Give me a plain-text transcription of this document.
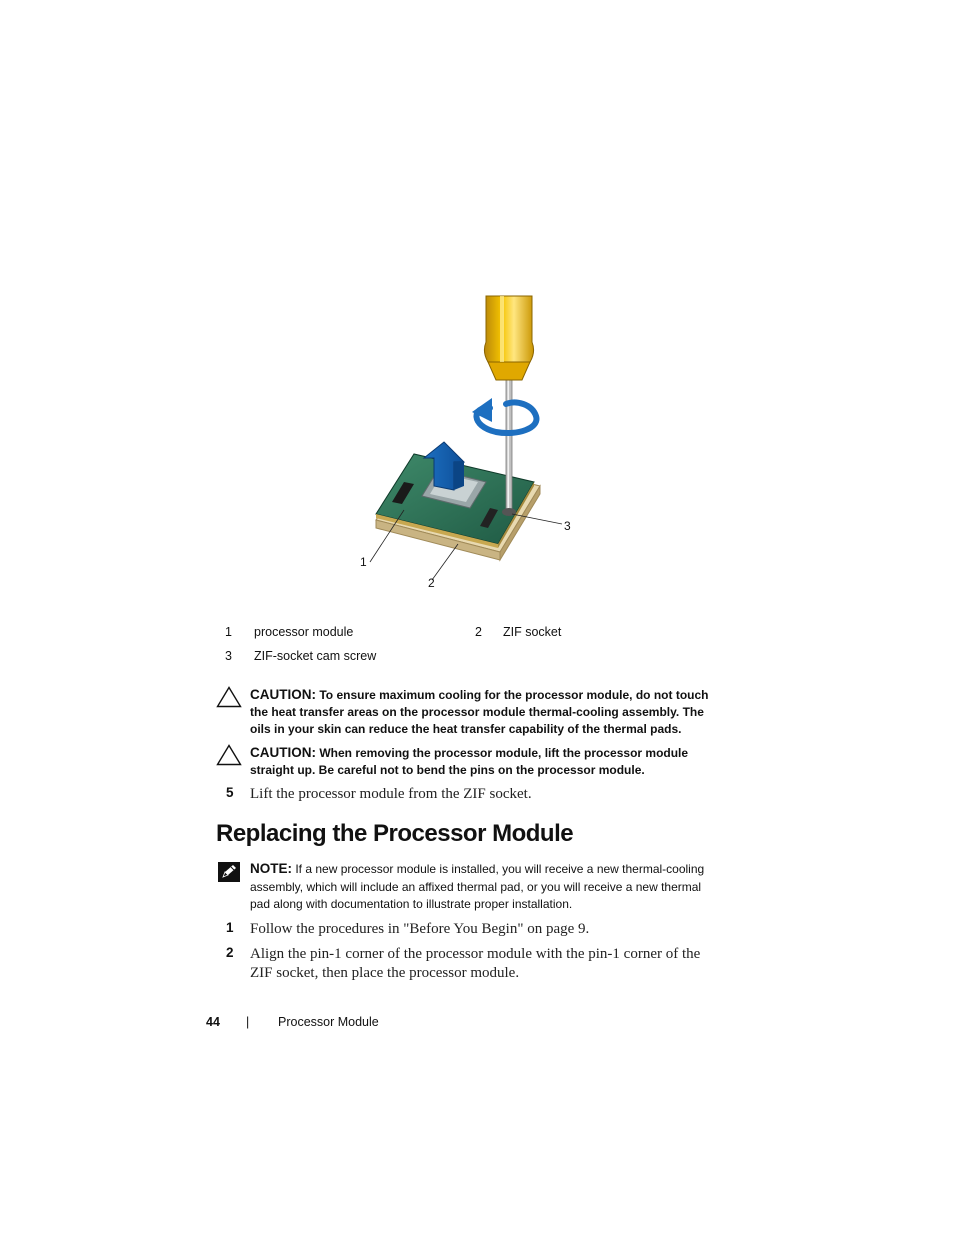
1
2
3
1 processor module	2 ZIF socket
3 ZIF-socket cam screw
CAUTION: To ensure maximum cooling for the processor module, do not touch the heat transfer areas on the processor module thermal-cooling assembly. The oils in your skin can reduce the heat transfer capability of the thermal pads.
CAUTION: When removing the processor module, lift the processor module straight up. Be careful not to bend the pins on the processor module.
5 Lift the processor module from the ZIF socket.
Replacing the Processor Module
NOTE: If a new processor module is installed, you will receive a new thermal-cooling assembly, which will include an affixed thermal pad, or you will receive a new thermal pad along with documentation to illustrate proper installation.
1 Follow the procedures in "Before You Begin" on page 9.
2 Align the pin-1 corner of the processor module with the pin-1 corner of the ZIF socket, then place the processor module.
44 | Processor Module
